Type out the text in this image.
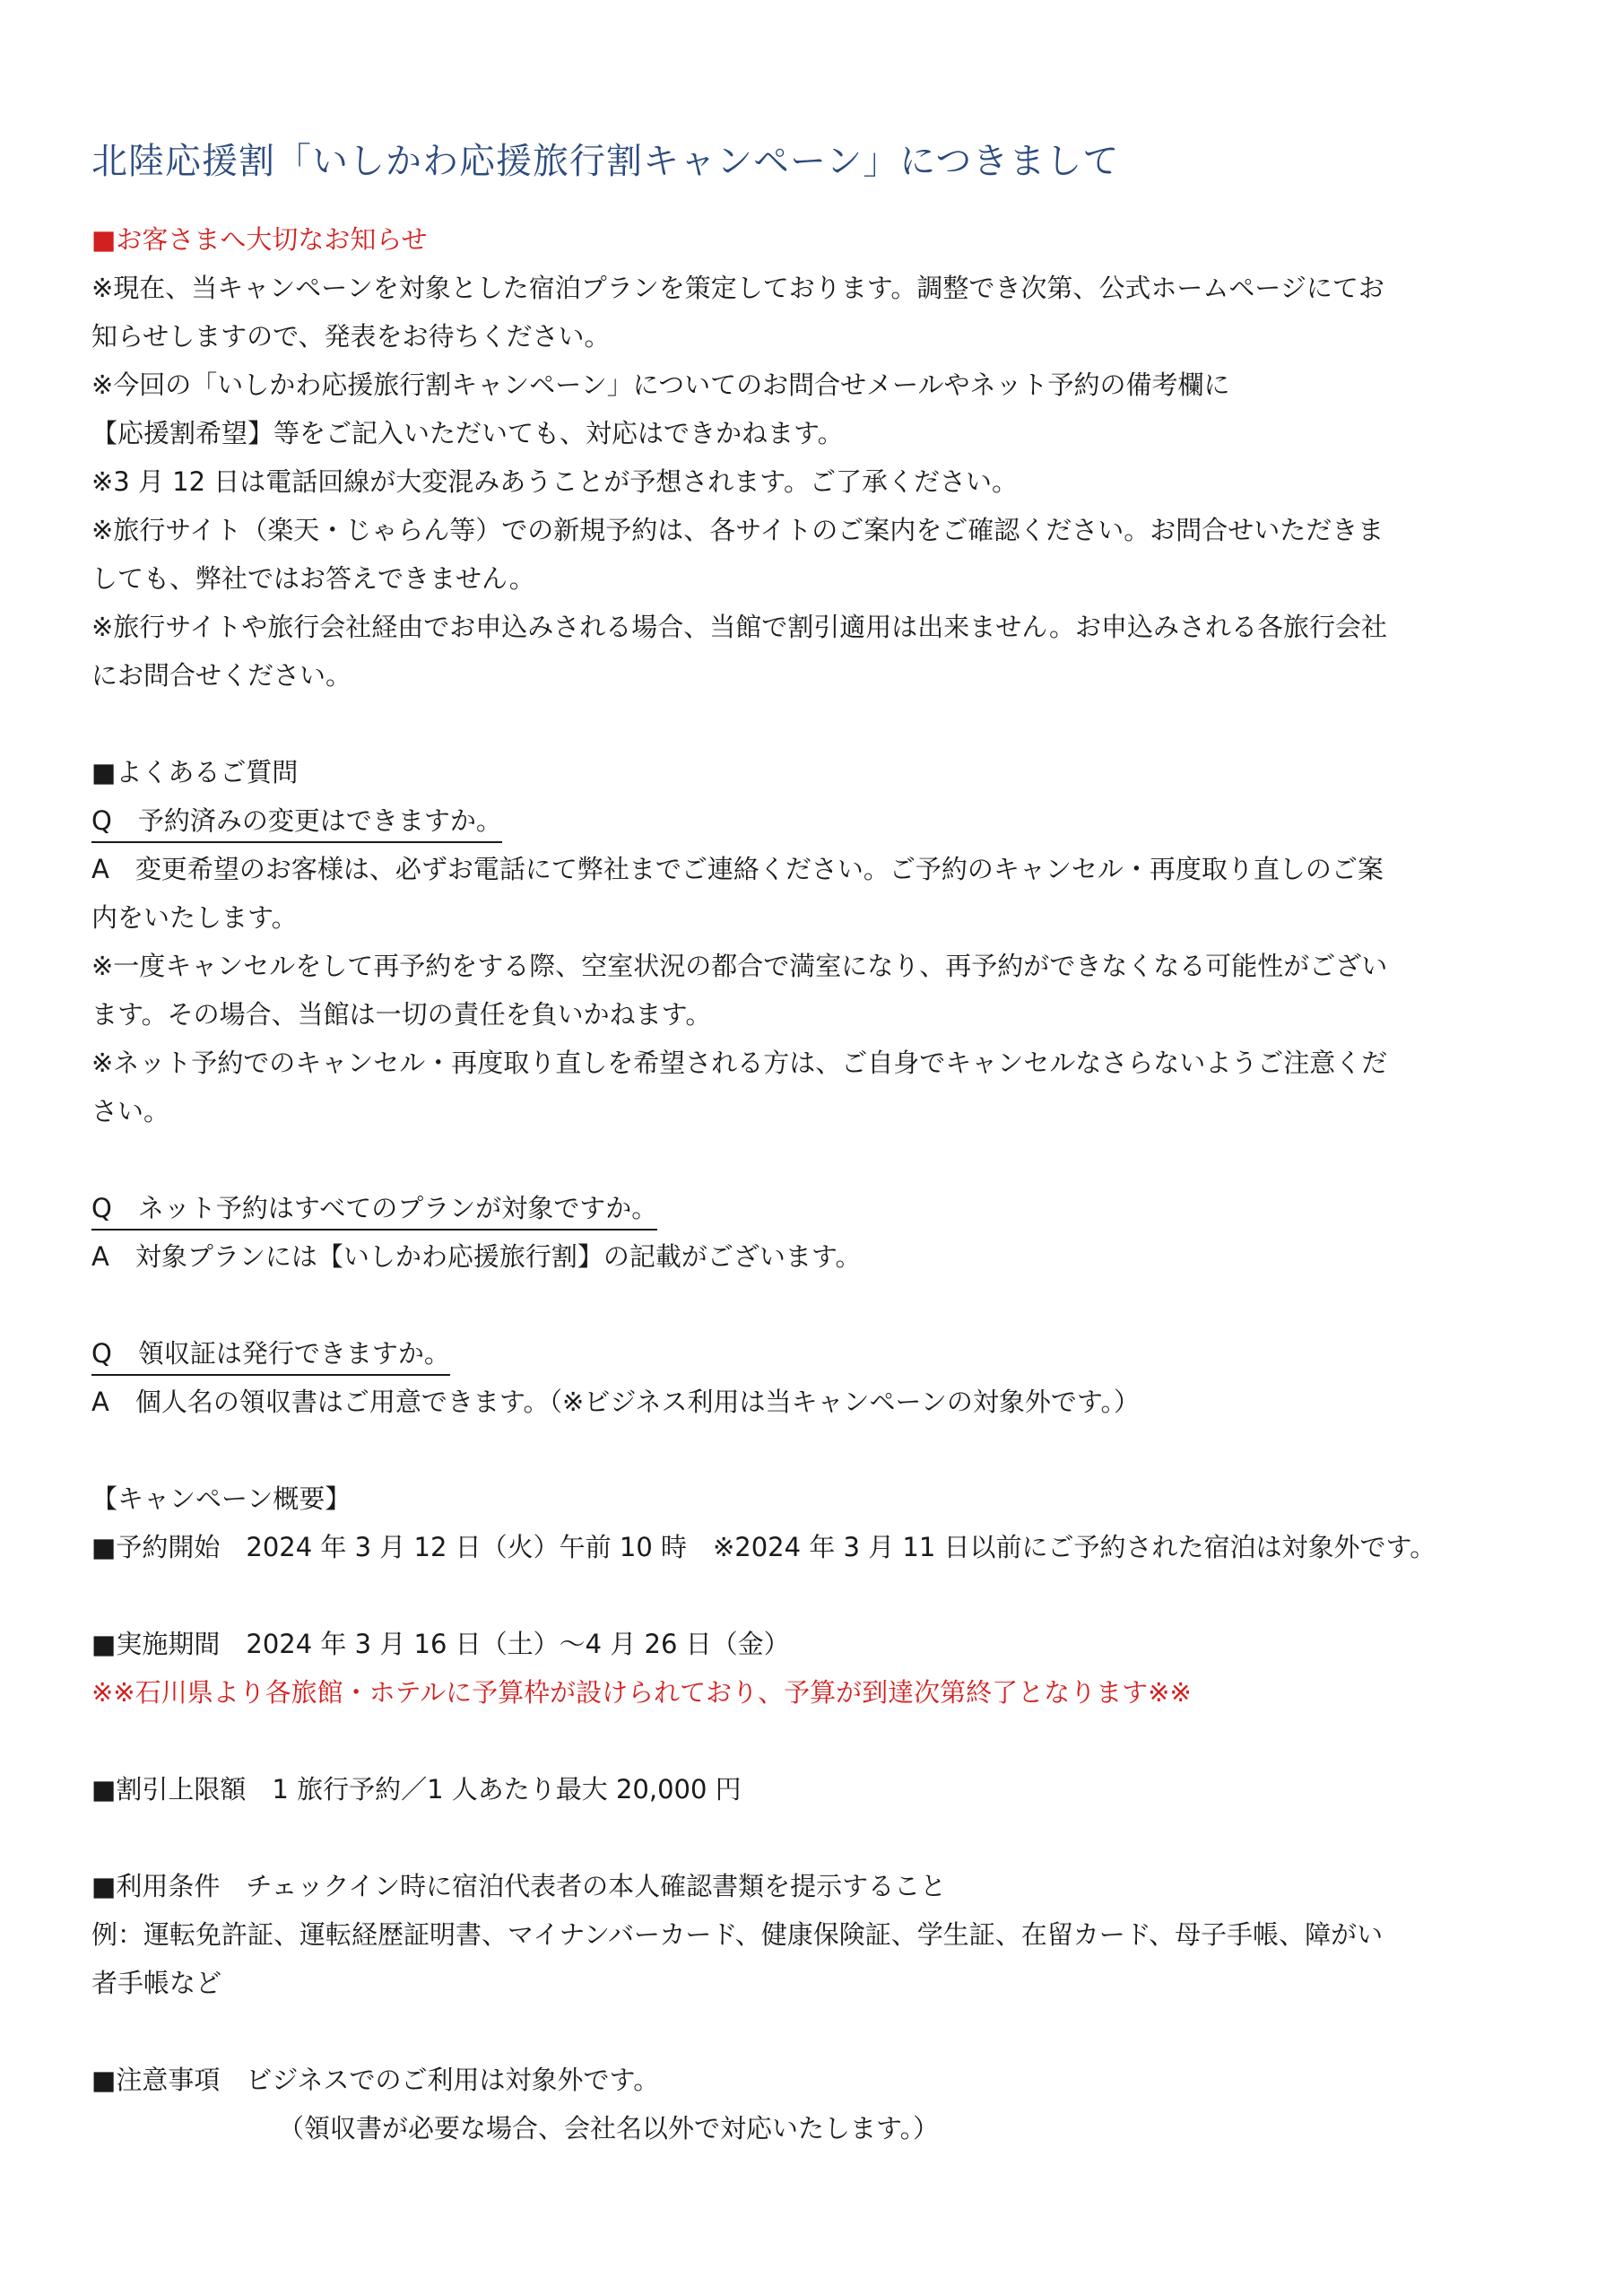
北陸応援割「いしかわ応援旅行割キャンペーン」につきまして
■お客さまへ大切なお知らせ
※現在、当キャンペーンを対象とした宿泊プランを策定しております。調整でき次第、公式ホームページにてお
知らせしますので、発表をお待ちください。
※今回の「いしかわ応援旅行割キャンペーン」についてのお問合せメールやネット予約の備考欄に
【応援割希望】等をご記入いただいても、対応はできかねます。
※3 月 12 日は電話回線が大変混みあうことが予想されます。ご了承ください。
※旅行サイト（楽天・じゃらん等）での新規予約は、各サイトのご案内をご確認ください。お問合せいただきま
しても、弊社ではお答えできません。
※旅行サイトや旅行会社経由でお申込みされる場合、当館で割引適用は出来ません。お申込みされる各旅行会社
にお問合せください。
■よくあるご質問
Q　予約済みの変更はできますか。
A　変更希望のお客様は、必ずお電話にて弊社までご連絡ください。ご予約のキャンセル・再度取り直しのご案
内をいたします。
※一度キャンセルをして再予約をする際、空室状況の都合で満室になり、再予約ができなくなる可能性がござい
ます。その場合、当館は一切の責任を負いかねます。
※ネット予約でのキャンセル・再度取り直しを希望される方は、ご自身でキャンセルなさらないようご注意くだ
さい。
Q　ネット予約はすべてのプランが対象ですか。
A　対象プランには【いしかわ応援旅行割】の記載がございます。
Q　領収証は発行できますか。
A　個人名の領収書はご用意できます。（※ビジネス利用は当キャンペーンの対象外です。）
【キャンペーン概要】
■予約開始　2024 年 3 月 12 日（火）午前 10 時　※2024 年 3 月 11 日以前にご予約された宿泊は対象外です。
■実施期間　2024 年 3 月 16 日（土）～4 月 26 日（金）
※※石川県より各旅館・ホテルに予算枠が設けられており、予算が到達次第終了となります※※
■割引上限額　1 旅行予約／1 人あたり最大 20,000 円
■利用条件　チェックイン時に宿泊代表者の本人確認書類を提示すること
例：運転免許証、運転経歴証明書、マイナンバーカード、健康保険証、学生証、在留カード、母子手帳、障がい
者手帳など
■注意事項　ビジネスでのご利用は対象外です。
（領収書が必要な場合、会社名以外で対応いたします。）
